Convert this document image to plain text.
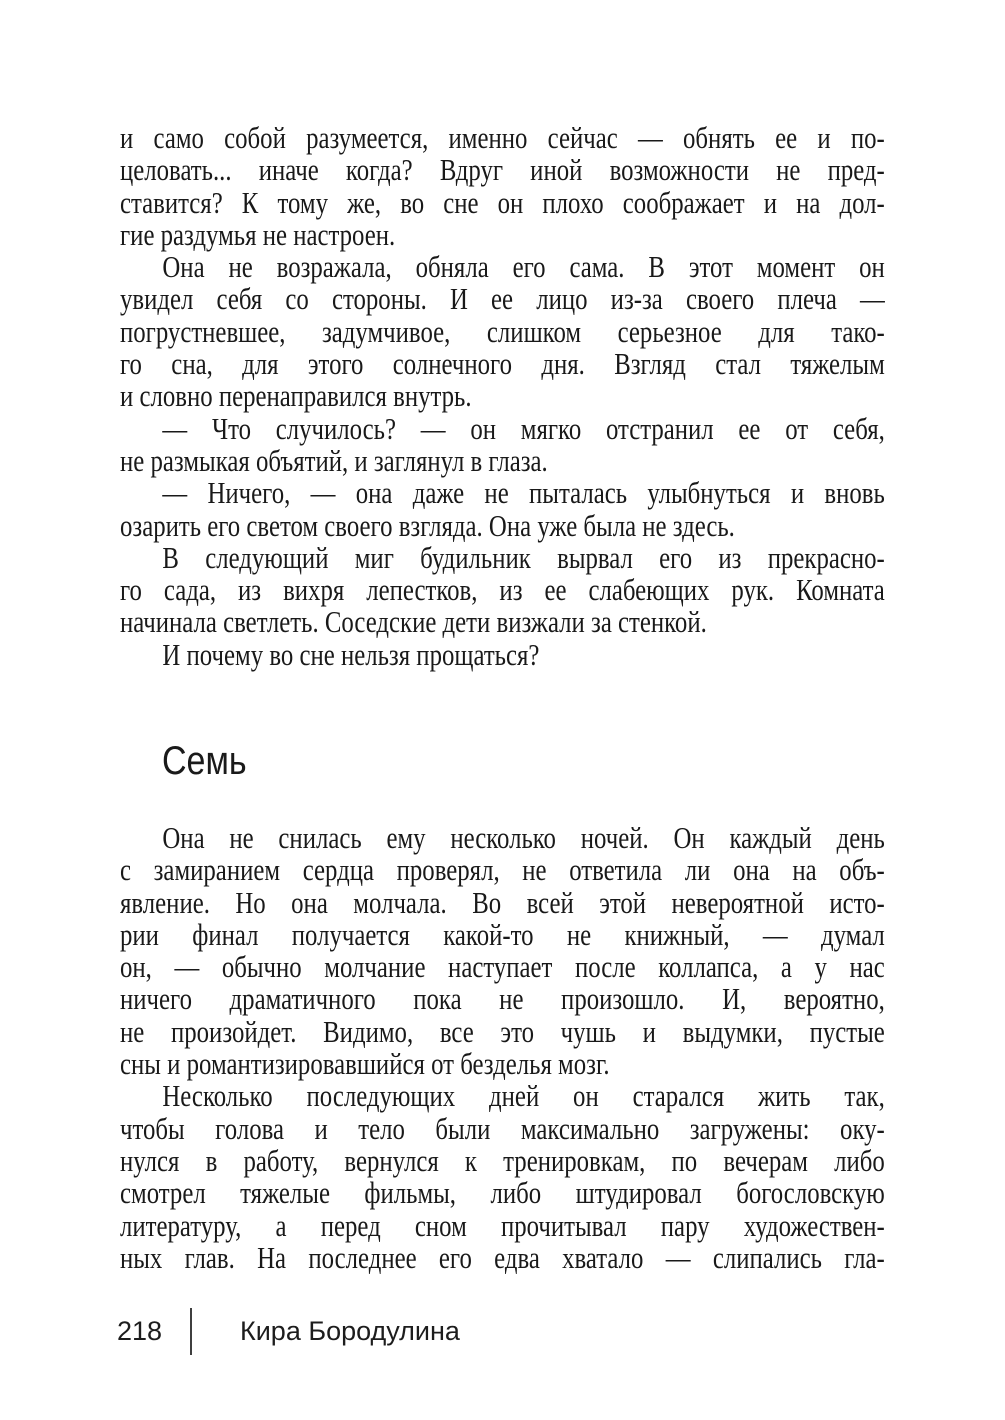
и само собой разумеется, именно сейчас — обнять ее и по-
целовать... иначе когда? Вдруг иной возможности не пред-
ставится? К тому же, во сне он плохо соображает и на дол-
гие раздумья не настроен.
Она не возражала, обняла его сама. В этот момент он
увидел себя со стороны. И ее лицо из-за своего плеча —
погрустневшее, задумчивое, слишком серьезное для тако-
го сна, для этого солнечного дня. Взгляд стал тяжелым
и словно перенаправился внутрь.
— Что случилось? — он мягко отстранил ее от себя,
не размыкая объятий, и заглянул в глаза.
— Ничего, — она даже не пыталась улыбнуться и вновь
озарить его светом своего взгляда. Она уже была не здесь.
В следующий миг будильник вырвал его из прекрасно-
го сада, из вихря лепестков, из ее слабеющих рук. Комната
начинала светлеть. Соседские дети визжали за стенкой.
И почему во сне нельзя прощаться?
Семь
Она не снилась ему несколько ночей. Он каждый день
с замиранием сердца проверял, не ответила ли она на объ-
явление. Но она молчала. Во всей этой невероятной исто-
рии финал получается какой-то не книжный, — думал
он, — обычно молчание наступает после коллапса, а у нас
ничего драматичного пока не произошло. И, вероятно,
не произойдет. Видимо, все это чушь и выдумки, пустые
сны и романтизировавшийся от безделья мозг.
Несколько последующих дней он старался жить так,
чтобы голова и тело были максимально загружены: оку-
нулся в работу, вернулся к тренировкам, по вечерам либо
смотрел тяжелые фильмы, либо штудировал богословскую
литературу, а перед сном прочитывал пару художествен-
ных глав. На последнее его едва хватало — слипались гла-
218	Кира Бородулина
